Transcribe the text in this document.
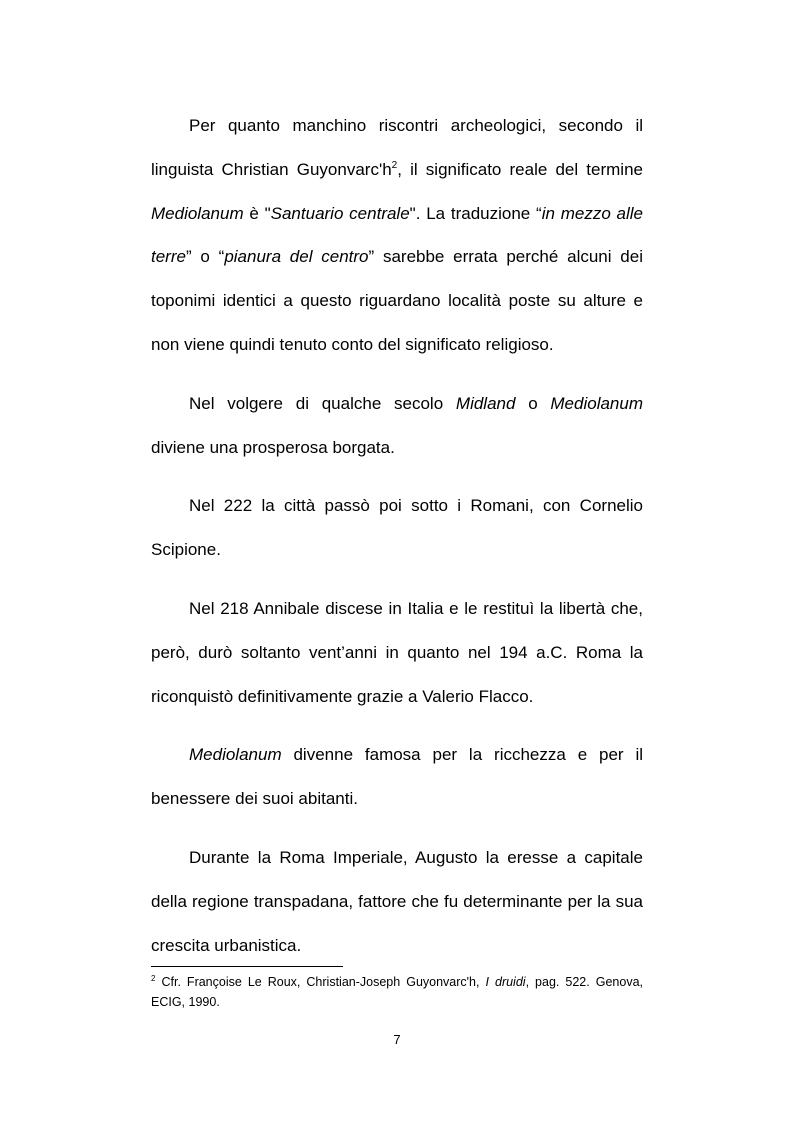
Per quanto manchino riscontri archeologici, secondo il linguista Christian Guyonvarc'h$^2$, il significato reale del termine Mediolanum è "Santuario centrale". La traduzione “in mezzo alle terre” o “pianura del centro” sarebbe errata perché alcuni dei toponimi identici a questo riguardano località poste su alture e non viene quindi tenuto conto del significato religioso.

Nel volgere di qualche secolo Midland o Mediolanum diviene una prosperosa borgata.

Nel 222 la città passò poi sotto i Romani, con Cornelio Scipione.

Nel 218 Annibale discese in Italia e le restituì la libertà che, però, durò soltanto vent’anni in quanto nel 194 a.C. Roma la riconquistò definitivamente grazie a Valerio Flacco.

Mediolanum divenne famosa per la ricchezza e per il benessere dei suoi abitanti.

Durante la Roma Imperiale, Augusto la eresse a capitale della regione transpadana, fattore che fu determinante per la sua crescita urbanistica.

$^2$ Cfr. Françoise Le Roux, Christian-Joseph Guyonvarc'h, I druidi, pag. 522. Genova, ECIG, 1990.
7
